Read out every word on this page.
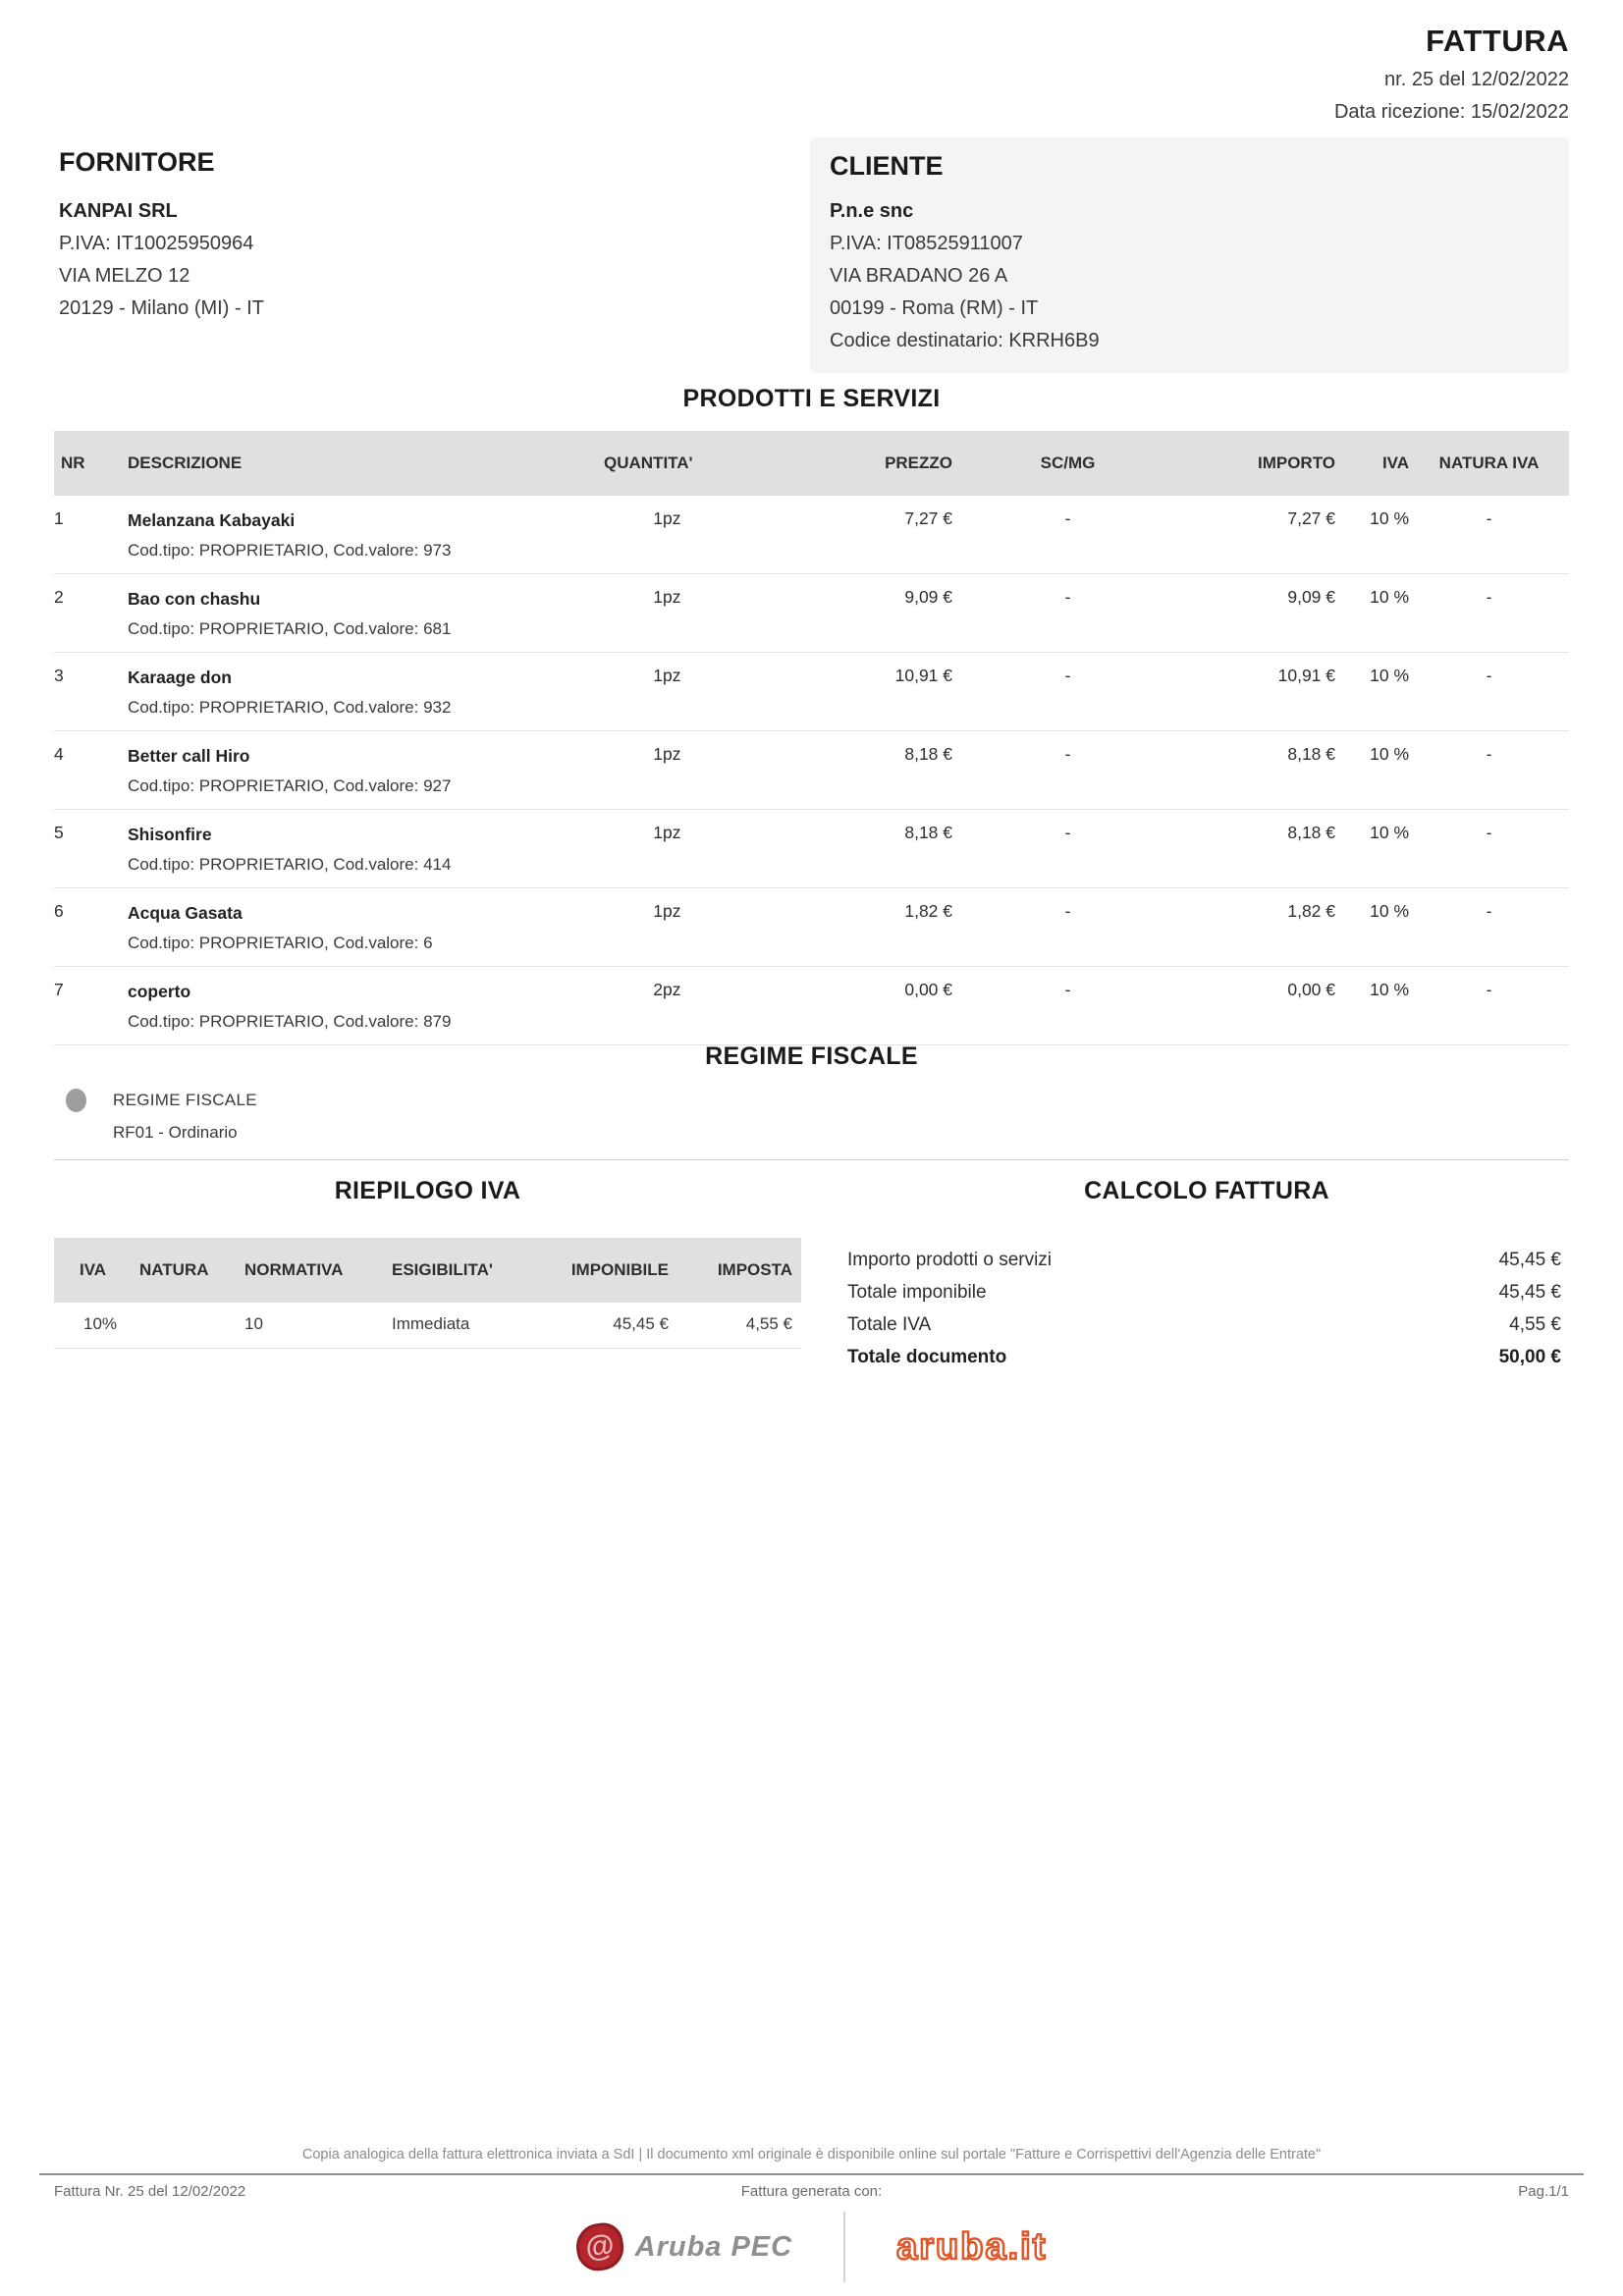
FATTURA
nr. 25 del 12/02/2022
Data ricezione: 15/02/2022
FORNITORE
KANPAI SRL
P.IVA: IT10025950964
VIA MELZO 12
20129 - Milano (MI) - IT
CLIENTE
P.n.e snc
P.IVA: IT08525911007
VIA BRADANO 26 A
00199 - Roma (RM) - IT
Codice destinatario: KRRH6B9
PRODOTTI E SERVIZI
NR	DESCRIZIONE	QUANTITA'		PREZZO	SC/MG	IMPORTO	IVA	NATURA IVA
1	Melanzana Kabayaki
Cod.tipo: PROPRIETARIO, Cod.valore: 973	1	pz	7,27 €	-	7,27 €	10 %	-
2	Bao con chashu
Cod.tipo: PROPRIETARIO, Cod.valore: 681	1	pz	9,09 €	-	9,09 €	10 %	-
3	Karaage don
Cod.tipo: PROPRIETARIO, Cod.valore: 932	1	pz	10,91 €	-	10,91 €	10 %	-
4	Better call Hiro
Cod.tipo: PROPRIETARIO, Cod.valore: 927	1	pz	8,18 €	-	8,18 €	10 %	-
5	Shisonfire
Cod.tipo: PROPRIETARIO, Cod.valore: 414	1	pz	8,18 €	-	8,18 €	10 %	-
6	Acqua Gasata
Cod.tipo: PROPRIETARIO, Cod.valore: 6	1	pz	1,82 €	-	1,82 €	10 %	-
7	coperto
Cod.tipo: PROPRIETARIO, Cod.valore: 879	2	pz	0,00 €	-	0,00 €	10 %	-
REGIME FISCALE
REGIME FISCALE
RF01 - Ordinario
RIEPILOGO IVA
IVA	NATURA	NORMATIVA	ESIGIBILITA'	IMPONIBILE	IMPOSTA
10%		10	Immediata	45,45 €	4,55 €
CALCOLO FATTURA
Importo prodotti o servizi	45,45 €
Totale imponibile	45,45 €
Totale IVA	4,55 €
Totale documento	50,00 €
Copia analogica della fattura elettronica inviata a SdI | Il documento xml originale è disponibile online sul portale "Fatture e Corrispettivi dell'Agenzia delle Entrate"
Fattura Nr. 25 del 12/02/2022	Fattura generata con:	Pag.1/1
@ Aruba PEC	aruba.it
